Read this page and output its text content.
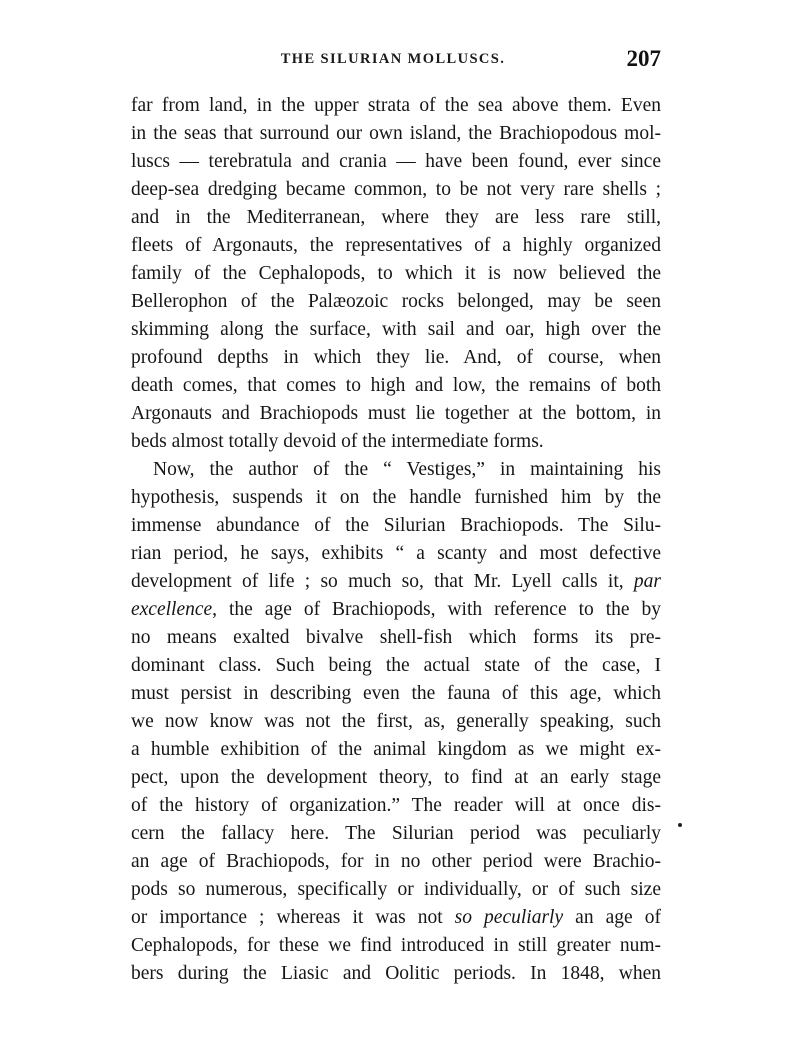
THE SILURIAN MOLLUSCS.	207
far from land, in the upper strata of the sea above them. Even
in the seas that surround our own island, the Brachiopodous mol-
luscs — terebratula and crania — have been found, ever since
deep-sea dredging became common, to be not very rare shells ;
and in the Mediterranean, where they are less rare still,
fleets of Argonauts, the representatives of a highly organized
family of the Cephalopods, to which it is now believed the
Bellerophon of the Palæozoic rocks belonged, may be seen
skimming along the surface, with sail and oar, high over the
profound depths in which they lie. And, of course, when
death comes, that comes to high and low, the remains of both
Argonauts and Brachiopods must lie together at the bottom, in
beds almost totally devoid of the intermediate forms.
Now, the author of the “ Vestiges,” in maintaining his
hypothesis, suspends it on the handle furnished him by the
immense abundance of the Silurian Brachiopods. The Silu-
rian period, he says, exhibits “ a scanty and most defective
development of life ; so much so, that Mr. Lyell calls it, par
excellence, the age of Brachiopods, with reference to the by
no means exalted bivalve shell-fish which forms its pre-
dominant class. Such being the actual state of the case, I
must persist in describing even the fauna of this age, which
we now know was not the first, as, generally speaking, such
a humble exhibition of the animal kingdom as we might ex-
pect, upon the development theory, to find at an early stage
of the history of organization.” The reader will at once dis-
cern the fallacy here. The Silurian period was peculiarly
an age of Brachiopods, for in no other period were Brachio-
pods so numerous, specifically or individually, or of such size
or importance ; whereas it was not so peculiarly an age of
Cephalopods, for these we find introduced in still greater num-
bers during the Liasic and Oolitic periods. In 1848, when
